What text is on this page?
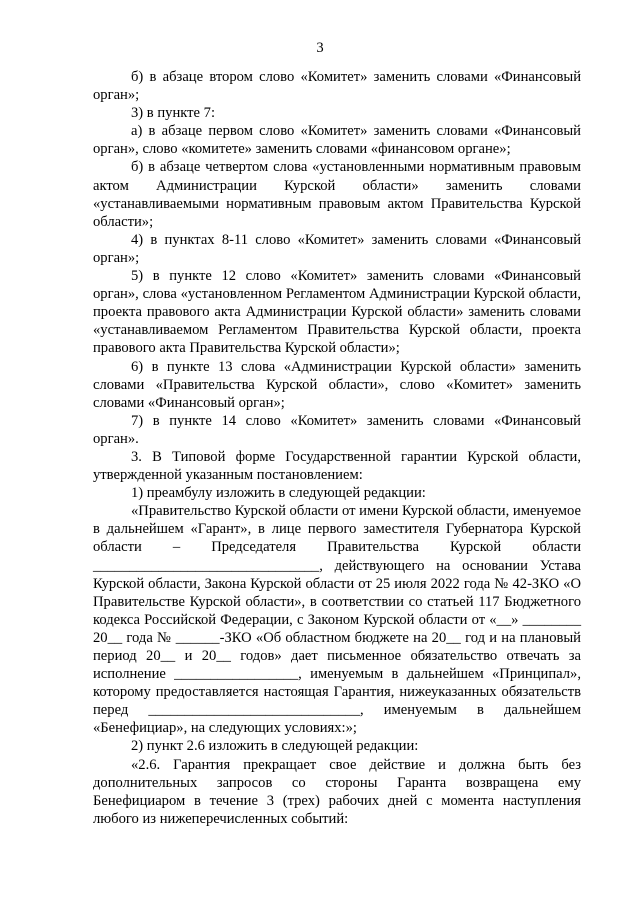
3

б) в абзаце втором слово «Комитет» заменить словами «Финансовый орган»;

3) в пункте 7:

а) в абзаце первом слово «Комитет» заменить словами «Финансовый орган», слово «комитете» заменить словами «финансовом органе»;

б) в абзаце четвертом слова «установленными нормативным правовым актом Администрации Курской области» заменить словами «устанавливаемыми нормативным правовым актом Правительства Курской области»;

4) в пунктах 8-11 слово «Комитет» заменить словами «Финансовый орган»;

5) в пункте 12 слово «Комитет» заменить словами «Финансовый орган», слова «установленном Регламентом Администрации Курской области, проекта правового акта Администрации Курской области» заменить словами «устанавливаемом Регламентом Правительства Курской области, проекта правового акта Правительства Курской области»;

6) в пункте 13 слова «Администрации Курской области» заменить словами «Правительства Курской области», слово «Комитет» заменить словами «Финансовый орган»;

7) в пункте 14 слово «Комитет» заменить словами «Финансовый орган».

3. В Типовой форме Государственной гарантии Курской области, утвержденной указанным постановлением:

1) преамбулу изложить в следующей редакции:

«Правительство Курской области от имени Курской области, именуемое в дальнейшем «Гарант», в лице первого заместителя Губернатора Курской области – Председателя Правительства Курской области _______________________________, действующего на основании Устава Курской области, Закона Курской области от 25 июля 2022 года № 42-ЗКО «О Правительстве Курской области», в соответствии со статьей 117 Бюджетного кодекса Российской Федерации, с Законом Курской области от «__» ________ 20__ года № ______-ЗКО «Об областном бюджете на 20__ год и на плановый период 20__ и 20__ годов» дает письменное обязательство отвечать за исполнение _________________, именуемым в дальнейшем «Принципал», которому предоставляется настоящая Гарантия, нижеуказанных обязательств перед _____________________________, именуемым в дальнейшем «Бенефициар», на следующих условиях:»;

2) пункт 2.6 изложить в следующей редакции:

«2.6. Гарантия прекращает свое действие и должна быть без дополнительных запросов со стороны Гаранта возвращена ему Бенефициаром в течение 3 (трех) рабочих дней с момента наступления любого из нижеперечисленных событий:
